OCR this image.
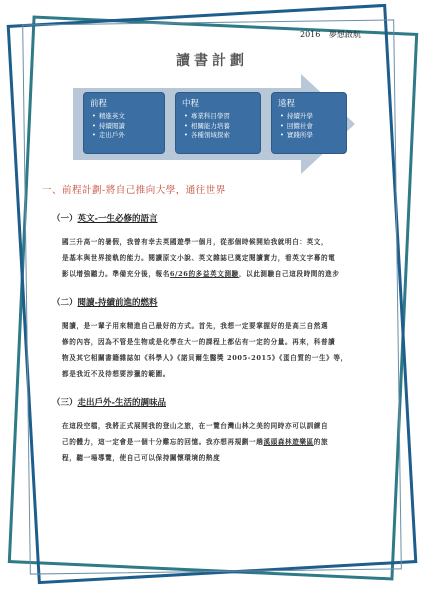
2016 夢想啟航
讀書計劃
前程
• 精進英文
• 持續閱讀
• 走出戶外
中程
• 專業科目學習
• 相關能力培養
• 各種領域探索
遠程
• 持續升學
• 回饋社會
• 實踐所學
一、前程計劃-將自己推向大學，通往世界
（一）英文-一生必修的語言
國三升高一的暑假，我曾有幸去英國遊學一個月，從那個時候開始我就明白：英文，
是基本與世界接軌的能力。閱讀原文小說、英文雜誌已奠定閱讀實力，看英文字幕的電
影以增強聽力。準備充分後，報名6/26的多益英文測驗，以此測驗自己這段時間的進步
（二）閱讀-持續前進的燃料
閱讀，是一輩子用來精進自己最好的方式。首先，我想一定要掌握好的是高三自然選
修的內容，因為不管是生物或是化學在大一的課程上都佔有一定的分量。再來，科普讀
物及其它相關書籍雜誌如《科學人》《諾貝爾生醫獎 2005-2015》《蛋白質的一生》等，
都是我近不及待想要涉獵的範圍。
（三）走出戶外-生活的調味品
在這段空檔，我將正式展開我的登山之旅，在一覽台灣山林之美的同時亦可以訓練自
己的體力，這一定會是一個十分難忘的回憶。我亦想再規劃一趟溪頭森林遊樂區的旅
程，聽一場導覽，使自己可以保持關懷環境的熱度
